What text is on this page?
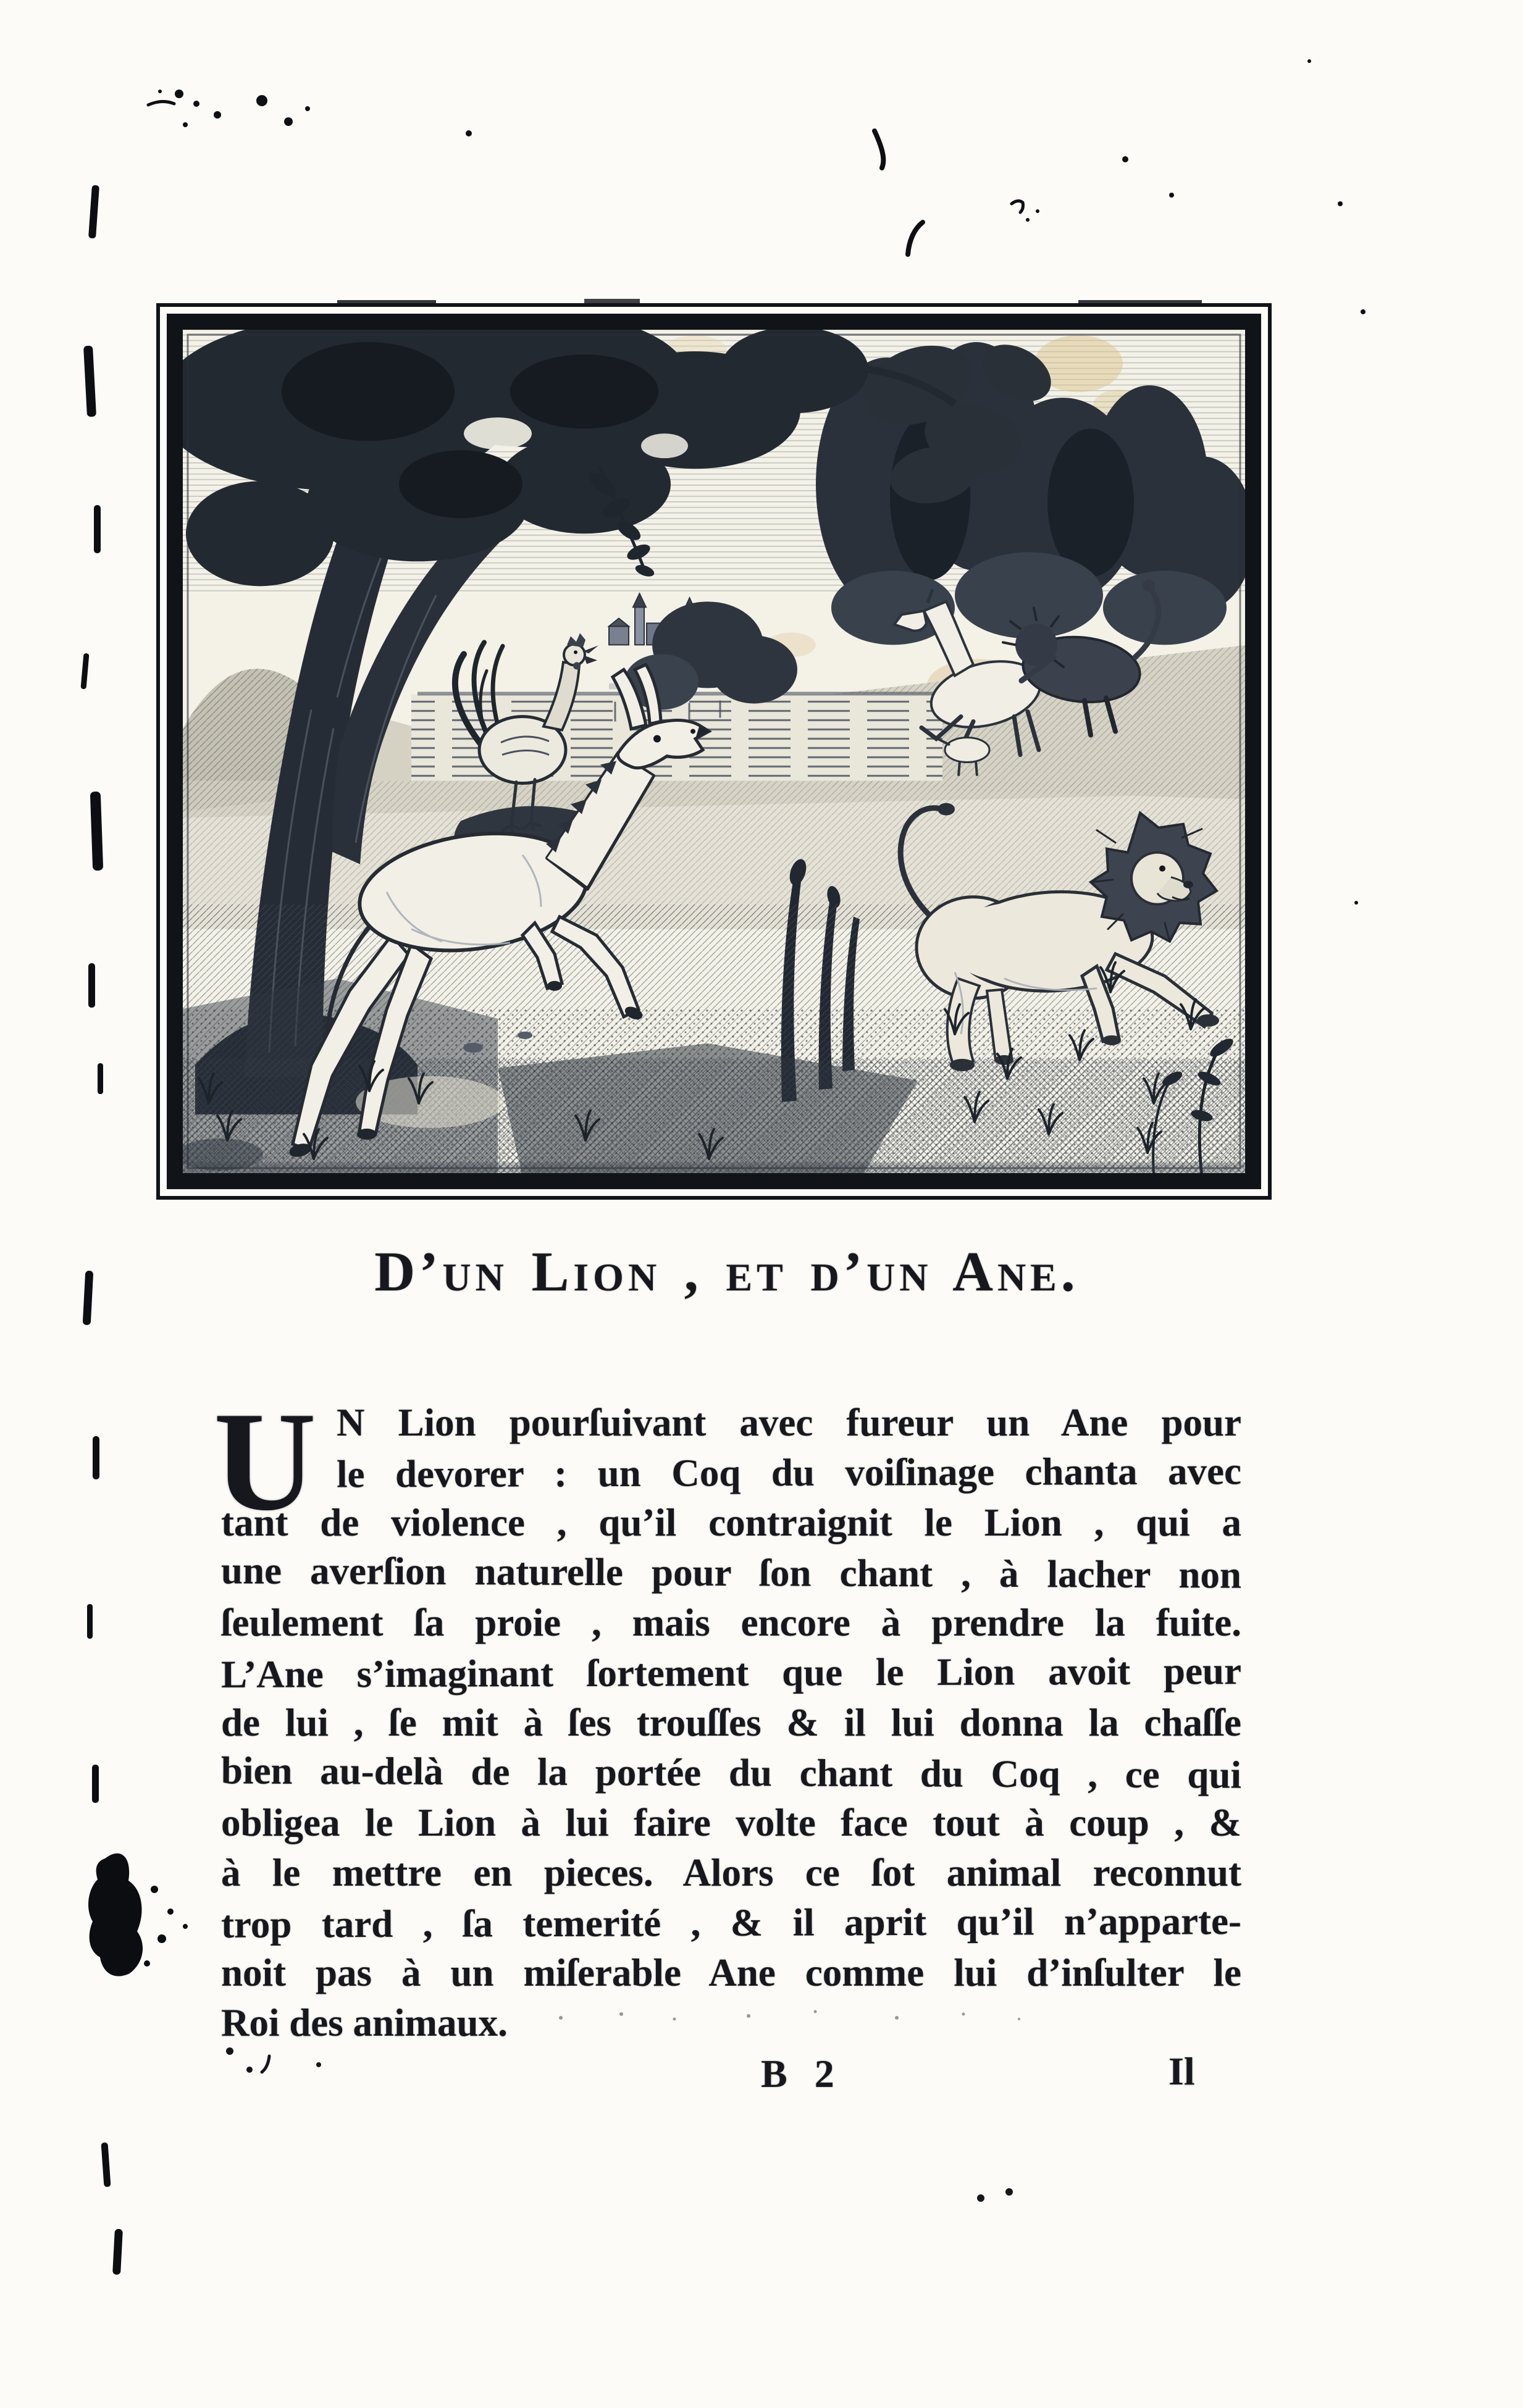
D’un Lion , et d’un Ane.
U N Lion pourſuivant avec fureur un Ane pour
le devorer : un Coq du voiſinage chanta avec
tant de violence , qu’il contraignit le Lion , qui a
une averſion naturelle pour ſon chant , à lacher non
ſeulement ſa proie , mais encore à prendre la fuite.
L’Ane s’imaginant ſortement que le Lion avoit peur
de lui , ſe mit à ſes trouſſes & il lui donna la chaſſe
bien au-delà de la portée du chant du Coq , ce qui
obligea le Lion à lui faire volte face tout à coup , &
à le mettre en pieces. Alors ce ſot animal reconnut
trop tard , ſa temerité , & il aprit qu’il n’apparte-
noit pas à un miſerable Ane comme lui d’inſulter le
Roi des animaux.
B 2	Il
